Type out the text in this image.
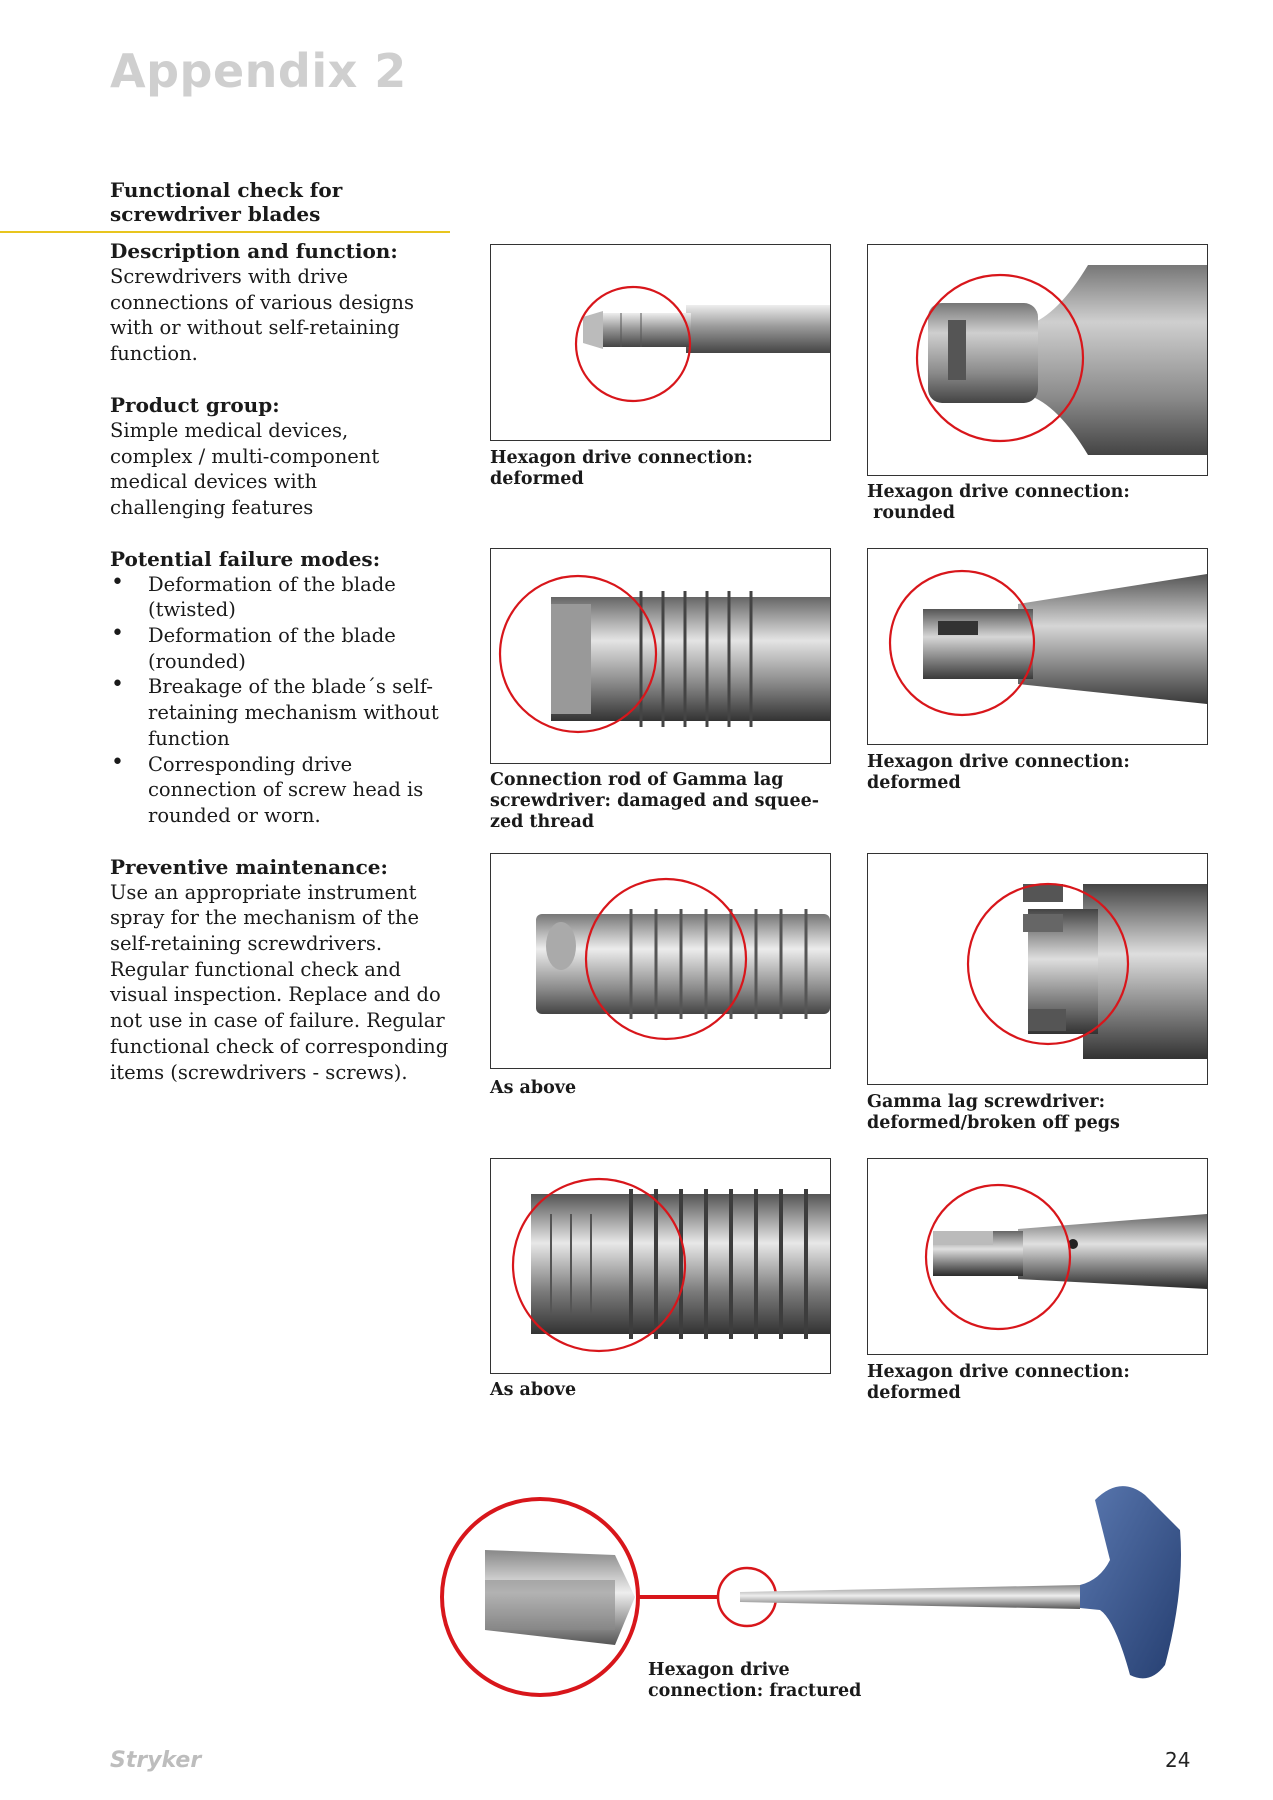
Appendix 2
Functional check for
screwdriver blades
Description and function:

Screwdrivers with drive
connections of various designs
with or without self-retaining
function.

Product group:

Simple medical devices,
complex / multi-component
medical devices with
challenging features

Potential failure modes:
• Deformation of the blade
(twisted)
• Deformation of the blade
(rounded)
• Breakage of the blade´s self-
retaining mechanism without
function
• Corresponding drive
connection of screw head is
rounded or worn.
Preventive maintenance:

Use an appropriate instrument
spray for the mechanism of the
self-retaining screwdrivers.
Regular functional check and
visual inspection. Replace and do
not use in case of failure. Regular
functional check of corresponding
items (screwdrivers - screws).

Hexagon drive connection:
deformed
Hexagon drive connection:
rounded
Connection rod of Gamma lag
screwdriver: damaged and squee-
zed thread
Hexagon drive connection:
deformed
As above
Gamma lag screwdriver:
deformed/broken off pegs
As above
Hexagon drive connection:
deformed
Hexagon drive
connection: fractured
Stryker	24
